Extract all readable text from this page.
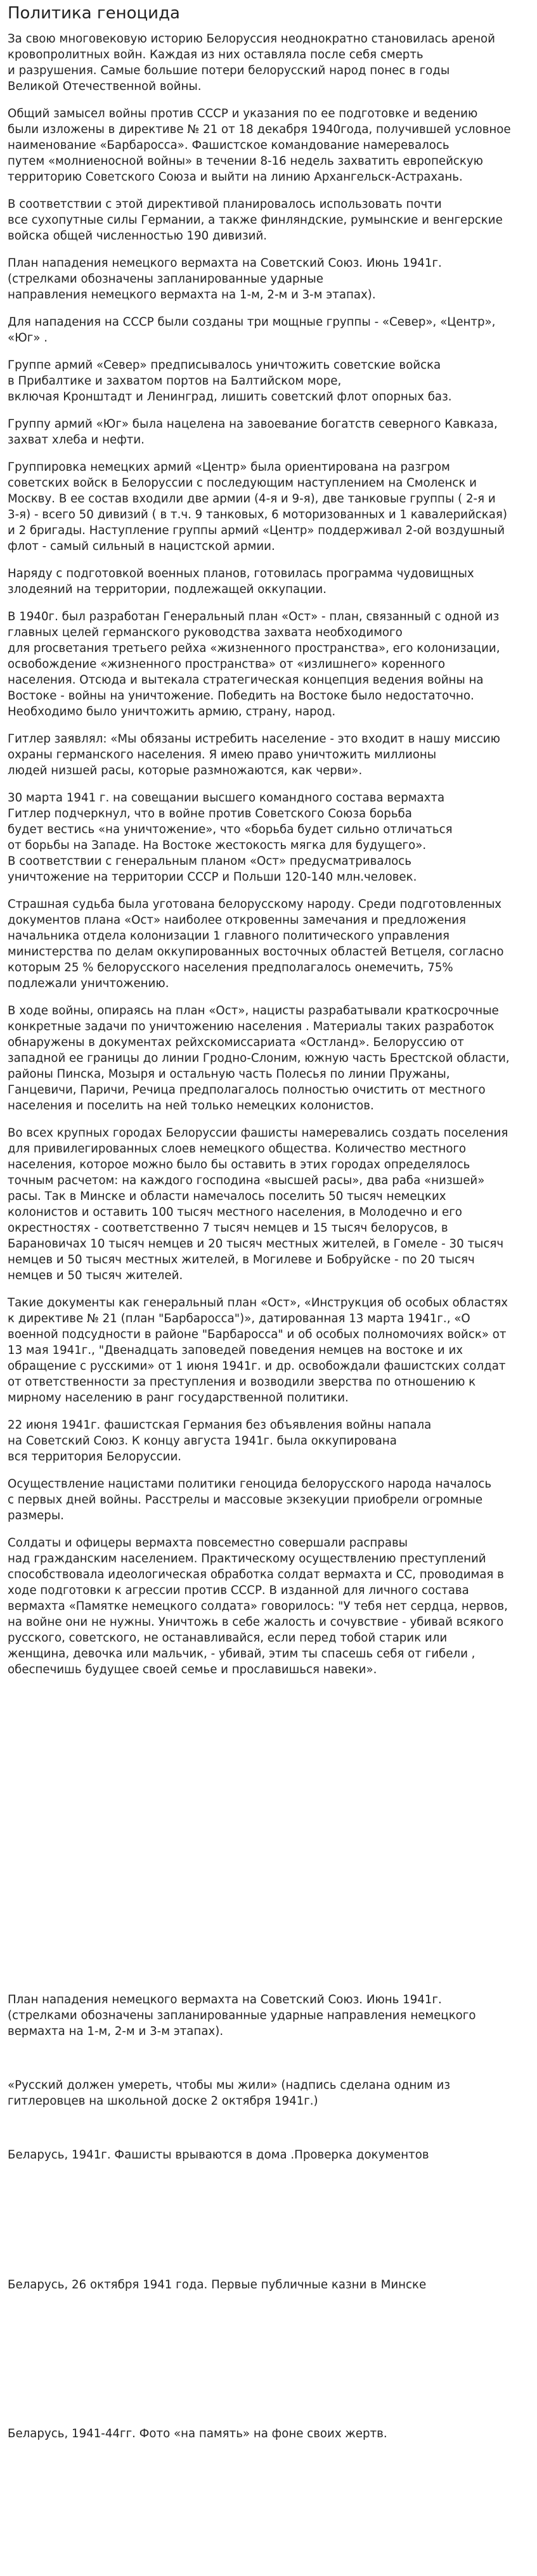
Политика геноцида

За свою многовековую историю Белоруссия неоднократно становилась ареной
кровопролитных войн. Каждая из них оставляла после себя смерть
и разрушения. Самые большие потери белорусский народ понес в годы
Великой Отечественной войны.

Общий замысел войны против СССР и указания по ее подготовке и ведению
были изложены в директиве № 21 от 18 декабря 1940года, получившей условное
наименование «Барбаросса». Фашистское командование намеревалось
путем «молниеносной войны» в течении 8-16 недель захватить европейскую
территорию Советского Союза и выйти на линию Архангельск-Астрахань.

В соответствии с этой директивой планировалось использовать почти
все сухопутные силы Германии, а также финляндские, румынские и венгерские
войска общей численностью 190 дивизий.

План нападения немецкого вермахта на Советский Союз. Июнь 1941г.
(стрелками обозначены запланированные ударные
направления немецкого вермахта на 1-м, 2-м и 3-м этапах).

Для нападения на СССР были созданы три мощные группы - «Север», «Центр»,
«Юг» .

Группе армий «Север» предписывалось уничтожить советские войска
в Прибалтике и захватом портов на Балтийском море,
включая Кронштадт и Ленинград, лишить советский флот опорных баз.

Группу армий «Юг» была нацелена на завоевание богатств северного Кавказа,
захват хлеба и нефти.

Группировка немецких армий «Центр» была ориентирована на разгром
советских войск в Белоруссии с последующим наступлением на Смоленск и
Москву. В ее состав входили две армии (4-я и 9-я), две танковые группы ( 2-я и
3-я) - всего 50 дивизий ( в т.ч. 9 танковых, 6 моторизованных и 1 кавалерийская)
и 2 бригады. Наступление группы армий «Центр» поддерживал 2-ой воздушный
флот - самый сильный в нацистской армии.

Наряду с подготовкой военных планов, готовилась программа чудовищных
злодеяний на территории, подлежащей оккупации.

В 1940г. был разработан Генеральный план «Ост» - план, связанный с одной из
главных целей германского руководства захвата необходимого
для procветания третьего рейха «жизненного пространства», его колонизации,
освобождение «жизненного пространства» от «излишнего» коренного
населения. Отсюда и вытекала стратегическая концепция ведения войны на
Востоке - войны на уничтожение. Победить на Востоке было недостаточно.
Необходимо было уничтожить армию, страну, народ.

Гитлер заявлял: «Мы обязаны истребить население - это входит в нашу миссию
охраны германского населения. Я имею право уничтожить миллионы
людей низшей расы, которые размножаются, как черви».

30 марта 1941 г. на совещании высшего командного состава вермахта
Гитлер подчеркнул, что в войне против Советского Союза борьба
будет вестись «на уничтожение», что «борьба будет сильно отличаться
от борьбы на Западе. На Востоке жестокость мягка для будущего».
В соответствии с генеральным планом «Ост» предусматривалось
уничтожение на территории СССР и Польши 120-140 млн.человек.

Страшная судьба была уготована белорусскому народу. Среди подготовленных
документов плана «Ост» наиболее откровенны замечания и предложения
начальника отдела колонизации 1 главного политического управления
министерства по делам оккупированных восточных областей Ветцеля, согласно
которым 25 % белорусского населения предполагалось онемечить, 75%
подлежали уничтожению.

В ходе войны, опираясь на план «Ост», нацисты разрабатывали краткосрочные
конкретные задачи по уничтожению населения . Материалы таких разработок
обнаружены в документах рейхскомиссариата «Остланд». Белоруссию от
западной ее границы до линии Гродно-Слоним, южную часть Брестской области,
районы Пинска, Мозыря и остальную часть Полесья по линии Пружаны,
Ганцевичи, Паричи, Речица предполагалось полностью очистить от местного
населения и поселить на ней только немецких колонистов.

Во всех крупных городах Белоруссии фашисты намеревались создать поселения
для привилегированных слоев немецкого общества. Количество местного
населения, которое можно было бы оставить в этих городах определялось
точным расчетом: на каждого господина «высшей расы», два раба «низшей»
расы. Так в Минске и области намечалось поселить 50 тысяч немецких
колонистов и оставить 100 тысяч местного населения, в Молодечно и его
окрестностях - соответственно 7 тысяч немцев и 15 тысяч белорусов, в
Барановичах 10 тысяч немцев и 20 тысяч местных жителей, в Гомеле - 30 тысяч
немцев и 50 тысяч местных жителей, в Могилеве и Бобруйске - по 20 тысяч
немцев и 50 тысяч жителей.

Такие документы как генеральный план «Ост», «Инструкция об особых областях
к директиве № 21 (план "Барбаросса")», датированная 13 марта 1941г., «О
военной подсудности в районе "Барбаросса" и об особых полномочиях войск» от
13 мая 1941г., "Двенадцать заповедей поведения немцев на востоке и их
обращение с русскими» от 1 июня 1941г. и др. освобождали фашистских солдат
от ответственности за преступления и возводили зверства по отношению к
мирному населению в ранг государственной политики.

22 июня 1941г. фашистская Германия без объявления войны напала
на Советский Союз. К концу августа 1941г. была оккупирована
вся территория Белоруссии.

Осуществление нацистами политики геноцида белорусского народа началось
с первых дней войны. Расстрелы и массовые экзекуции приобрели огромные
размеры.

Солдаты и офицеры вермахта повсеместно совершали расправы
над гражданским населением. Практическому осуществлению преступлений
способствовала идеологическая обработка солдат вермахта и СС, проводимая в
ходе подготовки к агрессии против СССР. В изданной для личного состава
вермахта «Памятке немецкого солдата» говорилось: "У тебя нет сердца, нервов,
на войне они не нужны. Уничтожь в себе жалость и сочувствие - убивай всякого
русского, советского, не останавливайся, если перед тобой старик или
женщина, девочка или мальчик, - убивай, этим ты спасешь себя от гибели ,
обеспечишь будущее своей семье и прославишься навеки».

План нападения немецкого вермахта на Советский Союз. Июнь 1941г.
(стрелками обозначены запланированные ударные направления немецкого
вермахта на 1-м, 2-м и 3-м этапах).

«Русский должен умереть, чтобы мы жили» (надпись сделана одним из
гитлеровцев на школьной доске 2 октября 1941г.)

Беларусь, 1941г. Фашисты врываются в дома .Проверка документов

Беларусь, 26 октября 1941 года. Первые публичные казни в Минске

Беларусь, 1941-44гг. Фото «на память» на фоне своих жертв.
